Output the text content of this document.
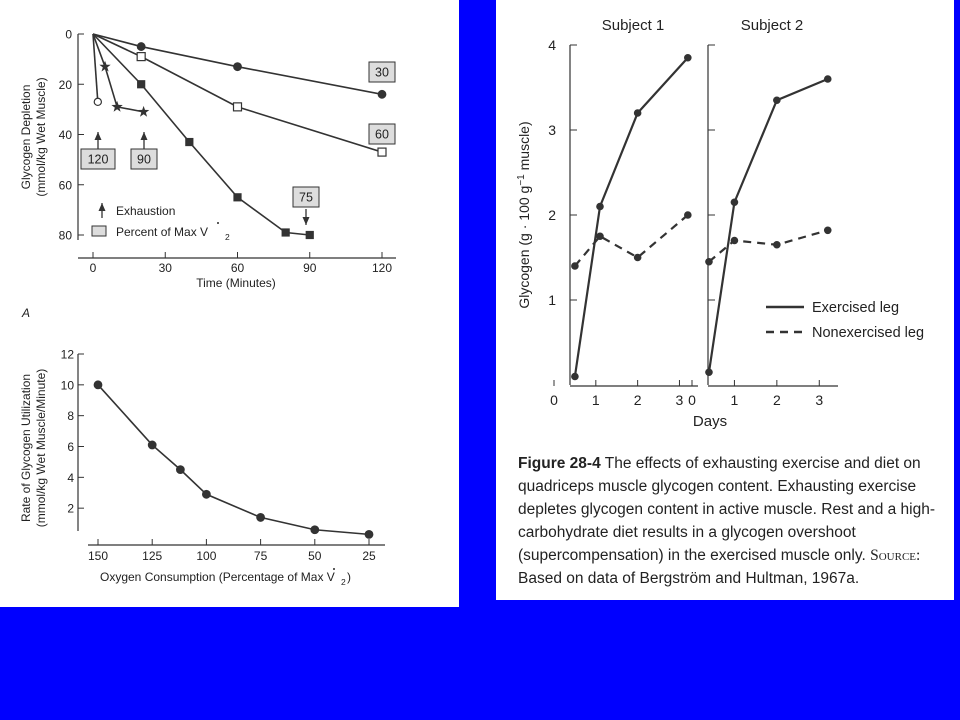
0
20
40
60
80
0	30	60	90	120
Time (Minutes)
Glycogen Depletion (mmol/kg Wet Muscle)
A
30
60
75
90
120
Exhaustion
Percent of Max V 2
2
4
6
8
10
12
150	125	100	75	50	25
Oxygen Consumption (Percentage of Max V 2 )
Rate of Glycogen Utilization (mmol/kg Wet Muscle/Minute)
1
2
3
4
Glycogen (g · 100 $g^{-1}$ muscle)
0 1 2 3
Subject 1
0 1 2 3
Subject 2
Days
Exercised leg
Nonexercised leg
Figure 28-4 The effects of exhausting exercise and diet on quadriceps muscle glycogen content. Exhausting exercise depletes glycogen content in active muscle. Rest and a high-carbohydrate diet results in a glycogen overshoot (supercompensation) in the exercised muscle only. Source: Based on data of Bergström and Hultman, 1967a.
